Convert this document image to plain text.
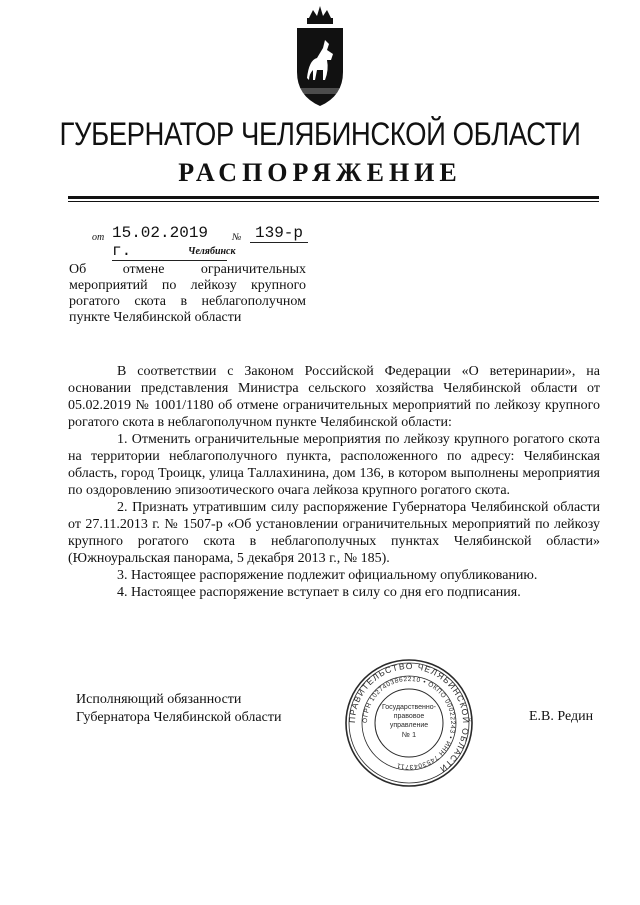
ГУБЕРНАТОР ЧЕЛЯБИНСКОЙ ОБЛАСТИ
РАСПОРЯЖЕНИЕ
от 15.02.2019 г.
№ 139-р
Челябинск
Об отмене ограничительных
мероприятий по лейкозу крупного
рогатого скота в неблагополучном
пункте Челябинской области

В соответствии с Законом Российской Федерации «О ветеринарии», на основании представления Министра сельского хозяйства Челябинской области от 05.02.2019 № 1001/1180 об отмене ограничительных мероприятий по лейкозу крупного рогатого скота в неблагополучном пункте Челябинской области:

1. Отменить ограничительные мероприятия по лейкозу крупного рогатого скота на территории неблагополучного пункта, расположенного по адресу: Челябинская область, город Троицк, улица Таллахинина, дом 136, в котором выполнены мероприятия по оздоровлению эпизоотического очага лейкоза крупного рогатого скота.

2. Признать утратившим силу распоряжение Губернатора Челябинской области от 27.11.2013 г. № 1507-р «Об установлении ограничительных мероприятий по лейкозу крупного рогатого скота в неблагополучных пунктах Челябинской области» (Южноуральская панорама, 5 декабря 2013 г., № 185).

3. Настоящее распоряжение подлежит официальному опубликованию.

4. Настоящее распоряжение вступает в силу со дня его подписания.

Исполняющий обязанности
Губернатора Челябинской области	Е.В. Редин
ПРАВИТЕЛЬСТВО ЧЕЛЯБИНСКОЙ ОБЛАСТИ
ОГРН 1027403862210 • ОКПО 00022243 • ИНН 7453043711
Государственно-
правовое
управление
№ 1
